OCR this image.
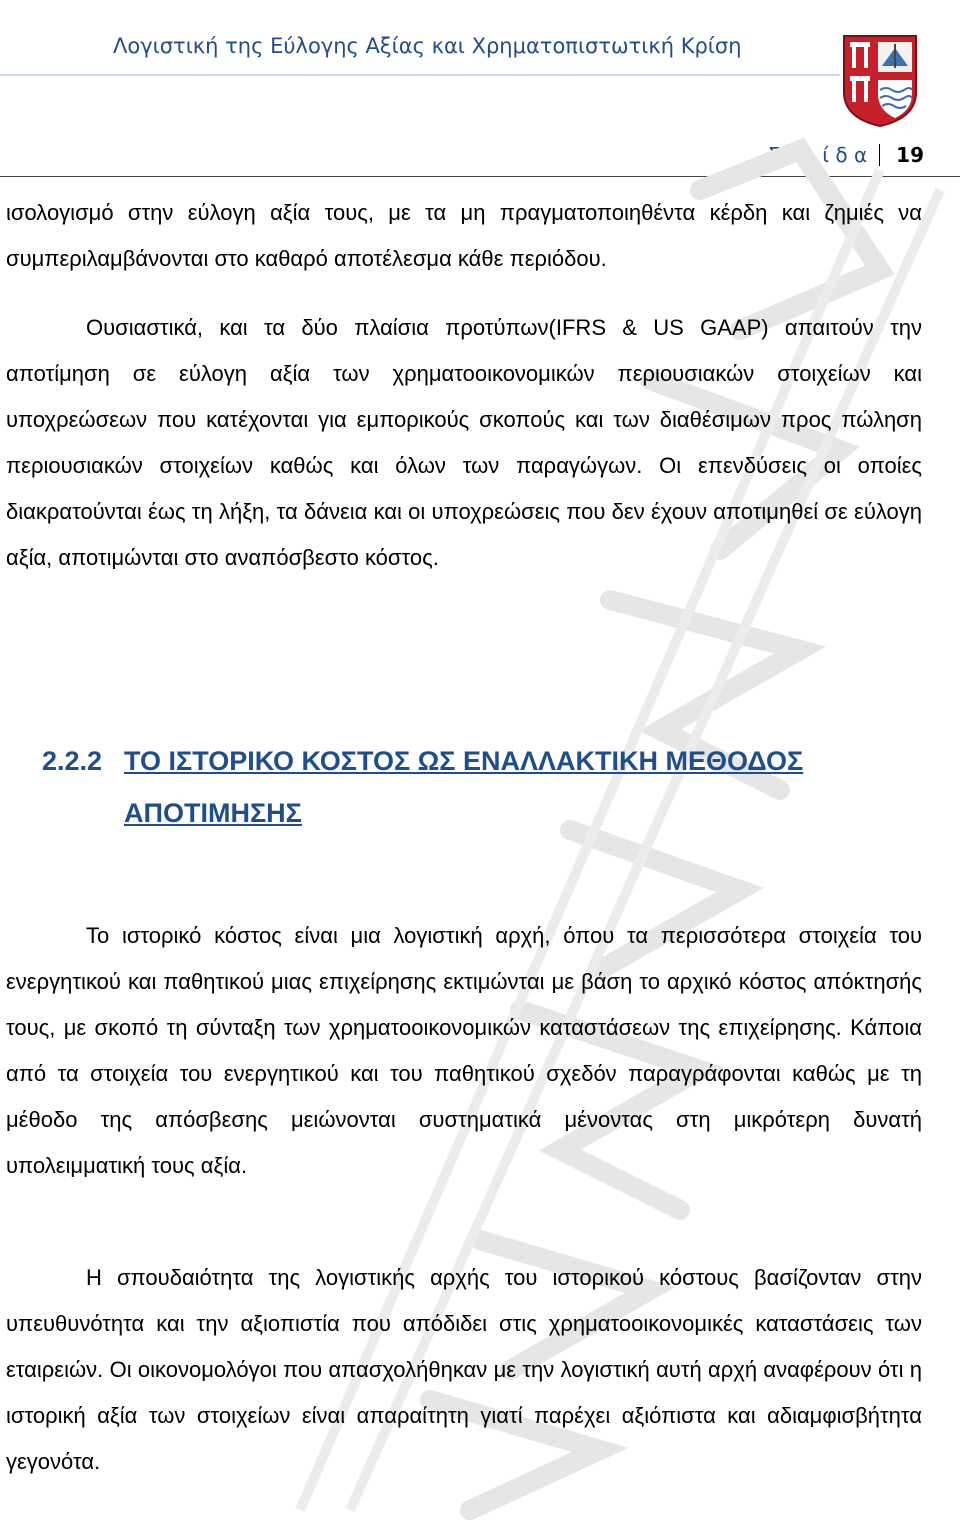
Λογιστική της Εύλογης Αξίας και Χρηματοπιστωτική Κρίση
Σ ε λ ί δ α 19

ισολογισμό στην εύλογη αξία τους, με τα μη πραγματοποιηθέντα κέρδη και ζημιές να συμπεριλαμβάνονται στο καθαρό αποτέλεσμα κάθε περιόδου.

Ουσιαστικά, και τα δύο πλαίσια προτύπων(IFRS & US GAAP) απαιτούν την αποτίμηση σε εύλογη αξία των χρηματοοικονομικών περιουσιακών στοιχείων και υποχρεώσεων που κατέχονται για εμπορικούς σκοπούς και των διαθέσιμων προς πώληση περιουσιακών στοιχείων καθώς και όλων των παραγώγων. Οι επενδύσεις οι οποίες διακρατούνται έως τη λήξη, τα δάνεια και οι υποχρεώσεις που δεν έχουν αποτιμηθεί σε εύλογη αξία, αποτιμώνται στο αναπόσβεστο κόστος.

2.2.2 ΤΟ ΙΣΤΟΡΙΚΟ ΚΟΣΤΟΣ ΩΣ ΕΝΑΛΛΑΚΤΙΚΗ ΜΕΘΟΔΟΣ
ΑΠΟΤΙΜΗΣΗΣ

Το ιστορικό κόστος είναι μια λογιστική αρχή, όπου τα περισσότερα στοιχεία του ενεργητικού και παθητικού μιας επιχείρησης εκτιμώνται με βάση το αρχικό κόστος απόκτησής τους, με σκοπό τη σύνταξη των χρηματοοικονομικών καταστάσεων της επιχείρησης. Κάποια από τα στοιχεία του ενεργητικού και του παθητικού σχεδόν παραγράφονται καθώς με τη μέθοδο της απόσβεσης μειώνονται συστηματικά μένοντας στη μικρότερη δυνατή υπολειμματική τους αξία.

Η σπουδαιότητα της λογιστικής αρχής του ιστορικού κόστους βασίζονταν στην υπευθυνότητα και την αξιοπιστία που απόδιδει στις χρηματοοικονομικές καταστάσεις των εταιρειών. Οι οικονομολόγοι που απασχολήθηκαν με την λογιστική αυτή αρχή αναφέρουν ότι η ιστορική αξία των στοιχείων είναι απαραίτητη γιατί παρέχει αξιόπιστα και αδιαμφισβήτητα γεγονότα.
